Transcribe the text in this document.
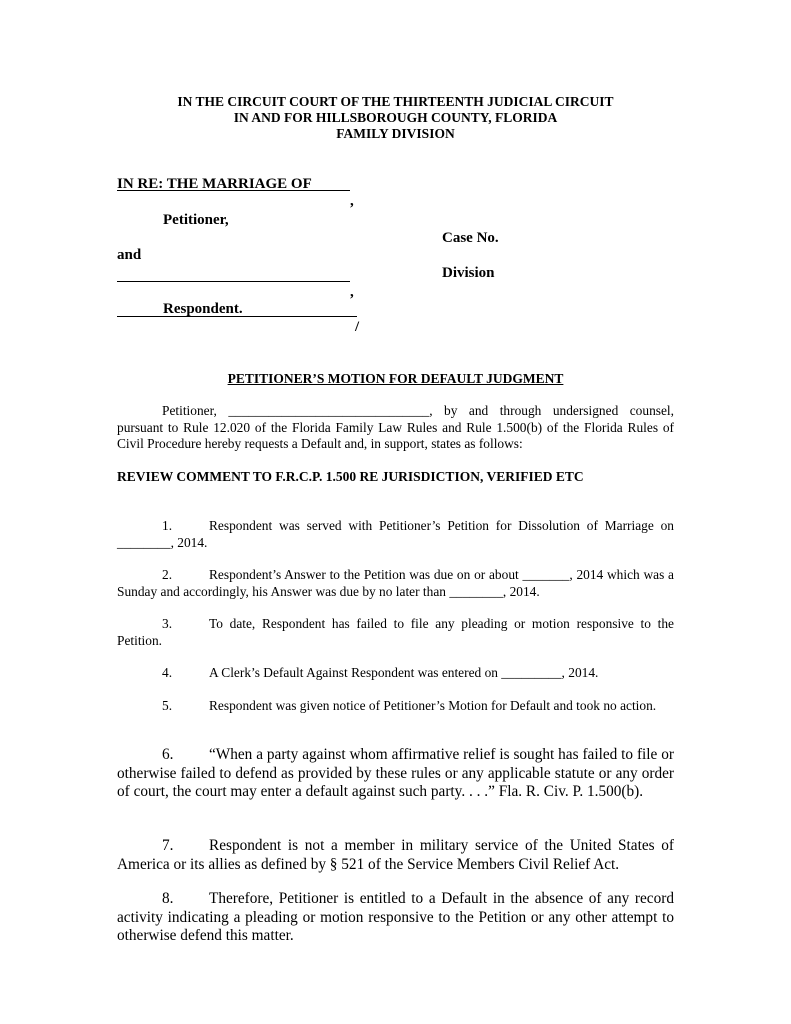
IN THE CIRCUIT COURT OF THE THIRTEENTH JUDICIAL CIRCUIT
IN AND FOR HILLSBOROUGH COUNTY, FLORIDA
FAMILY DIVISION
IN RE: THE MARRIAGE OF
,
Petitioner,
Case No.
and
Division
,
Respondent.
/
PETITIONER’S MOTION FOR DEFAULT JUDGMENT
Petitioner, ______________________________, by and through undersigned counsel, pursuant to Rule 12.020 of the Florida Family Law Rules and Rule 1.500(b) of the Florida Rules of Civil Procedure hereby requests a Default and, in support, states as follows:
REVIEW COMMENT TO F.R.C.P. 1.500 RE JURISDICTION, VERIFIED ETC
1.	Respondent was served with Petitioner’s Petition for Dissolution of Marriage on ________, 2014.
2.	Respondent’s Answer to the Petition was due on or about _______, 2014 which was a Sunday and accordingly, his Answer was due by no later than ________, 2014.
3.	To date, Respondent has failed to file any pleading or motion responsive to the Petition.
4.	A Clerk’s Default Against Respondent was entered on _________, 2014.
5.	Respondent was given notice of Petitioner’s Motion for Default and took no action.
6. “When a party against whom affirmative relief is sought has failed to file or otherwise failed to defend as provided by these rules or any applicable statute or any order of court, the court may enter a default against such party. . . .” Fla. R. Civ. P. 1.500(b).
7. Respondent is not a member in military service of the United States of America or its allies as defined by § 521 of the Service Members Civil Relief Act.
8. Therefore, Petitioner is entitled to a Default in the absence of any record activity indicating a pleading or motion responsive to the Petition or any other attempt to otherwise defend this matter.
